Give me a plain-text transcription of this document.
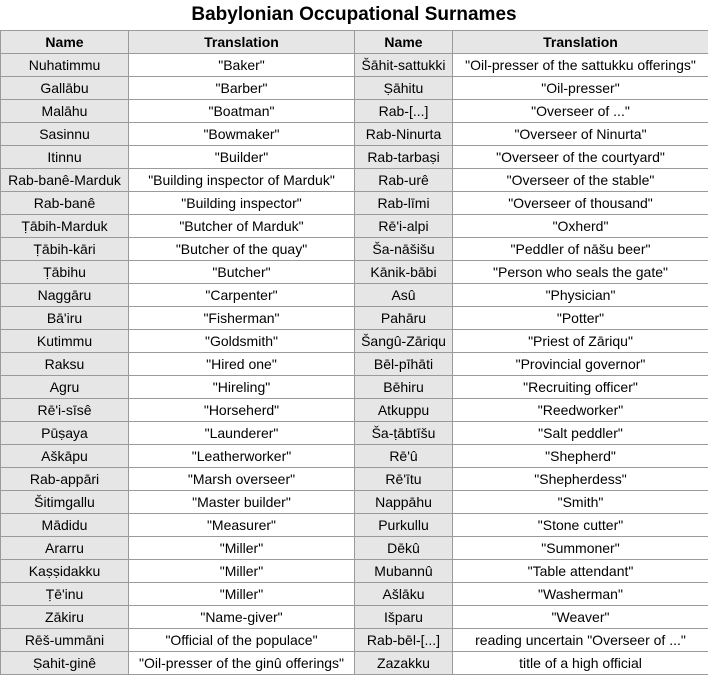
Babylonian Occupational Surnames
Name	Translation	Name	Translation
Nuhatimmu	"Baker"	Šāhit-sattukki	"Oil-presser of the sattukku offerings"
Gallābu	"Barber"	Ṣāhitu	"Oil-presser"
Malāhu	"Boatman"	Rab-[...]	"Overseer of ..."
Sasinnu	"Bowmaker"	Rab-Ninurta	"Overseer of Ninurta"
Itinnu	"Builder"	Rab-tarbaṣi	"Overseer of the courtyard"
Rab-banê-Marduk	"Building inspector of Marduk"	Rab-urê	"Overseer of the stable"
Rab-banê	"Building inspector"	Rab-līmi	"Overseer of thousand"
Ṭābih-Marduk	"Butcher of Marduk"	Rē'i-alpi	"Oxherd"
Ṭābih-kāri	"Butcher of the quay"	Ša-nāšišu	"Peddler of nāšu beer"
Ṭābihu	"Butcher"	Kānik-bābi	"Person who seals the gate"
Naggāru	"Carpenter"	Asû	"Physician"
Bā'iru	"Fisherman"	Pahāru	"Potter"
Kutimmu	"Goldsmith"	Šangû-Zāriqu	"Priest of Zāriqu"
Raksu	"Hired one"	Bēl-pīhāti	"Provincial governor"
Agru	"Hireling"	Bēhiru	"Recruiting officer"
Rē'i-sīsê	"Horseherd"	Atkuppu	"Reedworker"
Pūṣaya	"Launderer"	Ša-ṭābtīšu	"Salt peddler"
Aškāpu	"Leatherworker"	Rē'û	"Shepherd"
Rab-appāri	"Marsh overseer"	Rē'ītu	"Shepherdess"
Šitimgallu	"Master builder"	Nappāhu	"Smith"
Mādidu	"Measurer"	Purkullu	"Stone cutter"
Ararru	"Miller"	Dēkû	"Summoner"
Kaṣṣidakku	"Miller"	Mubannû	"Table attendant"
Ṭē'inu	"Miller"	Ašlāku	"Washerman"
Zākiru	"Name-giver"	Išparu	"Weaver"
Rēš-ummāni	"Official of the populace"	Rab-bēl-[...]	reading uncertain "Overseer of ..."
Ṣahit-ginê	"Oil-presser of the ginû offerings"	Zazakku	title of a high official
